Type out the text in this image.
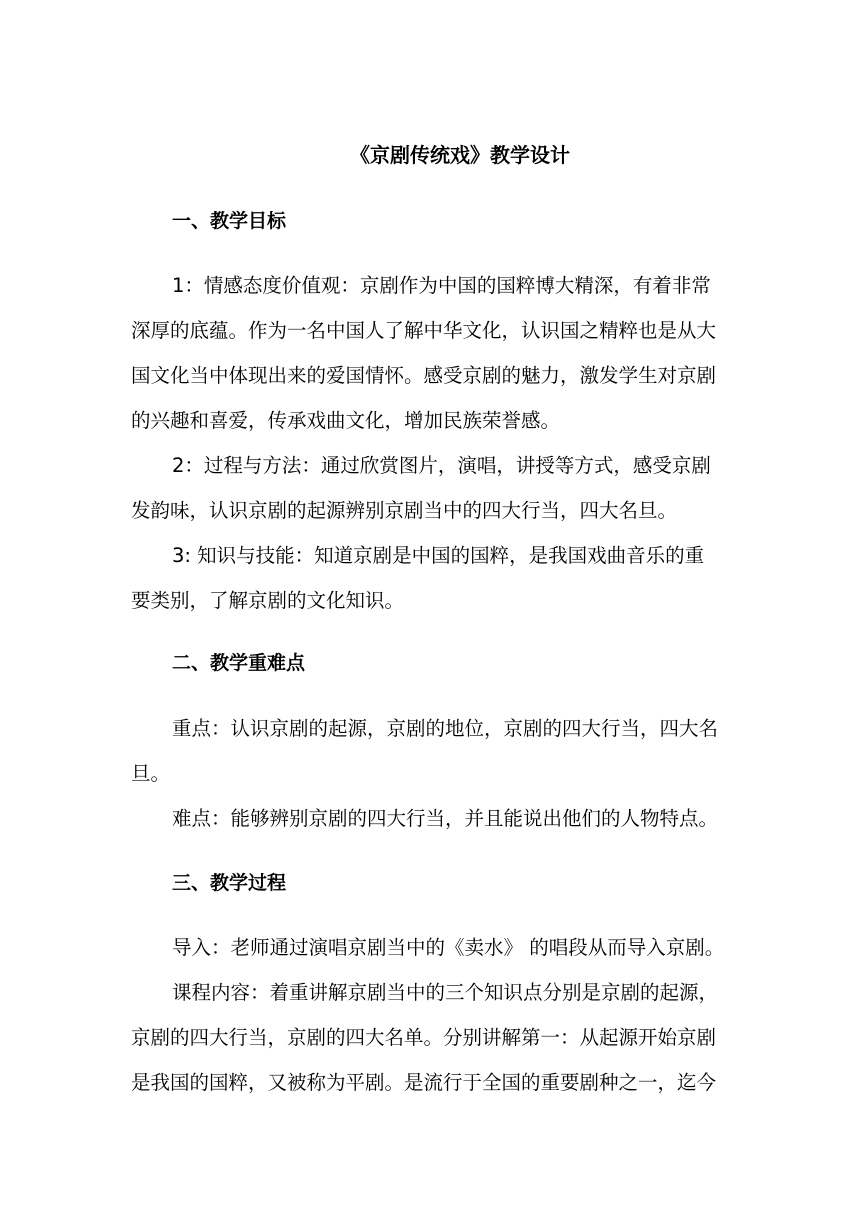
《京剧传统戏》教学设计
一、教学目标
1：情感态度价值观：京剧作为中国的国粹博大精深，有着非常
深厚的底蕴。作为一名中国人了解中华文化，认识国之精粹也是从大
国文化当中体现出来的爱国情怀。感受京剧的魅力，激发学生对京剧
的兴趣和喜爱，传承戏曲文化，增加民族荣誉感。
2：过程与方法：通过欣赏图片，演唱，讲授等方式，感受京剧
发韵味，认识京剧的起源辨别京剧当中的四大行当，四大名旦。
3: 知识与技能：知道京剧是中国的国粹，是我国戏曲音乐的重
要类别，了解京剧的文化知识。
二、教学重难点
重点：认识京剧的起源，京剧的地位，京剧的四大行当，四大名
旦。
难点：能够辨别京剧的四大行当，并且能说出他们的人物特点。
三、教学过程
导入：老师通过演唱京剧当中的《卖水》 的唱段从而导入京剧。
课程内容：着重讲解京剧当中的三个知识点分别是京剧的起源，
京剧的四大行当，京剧的四大名单。分别讲解第一：从起源开始京剧
是我国的国粹，又被称为平剧。是流行于全国的重要剧种之一，迄今
